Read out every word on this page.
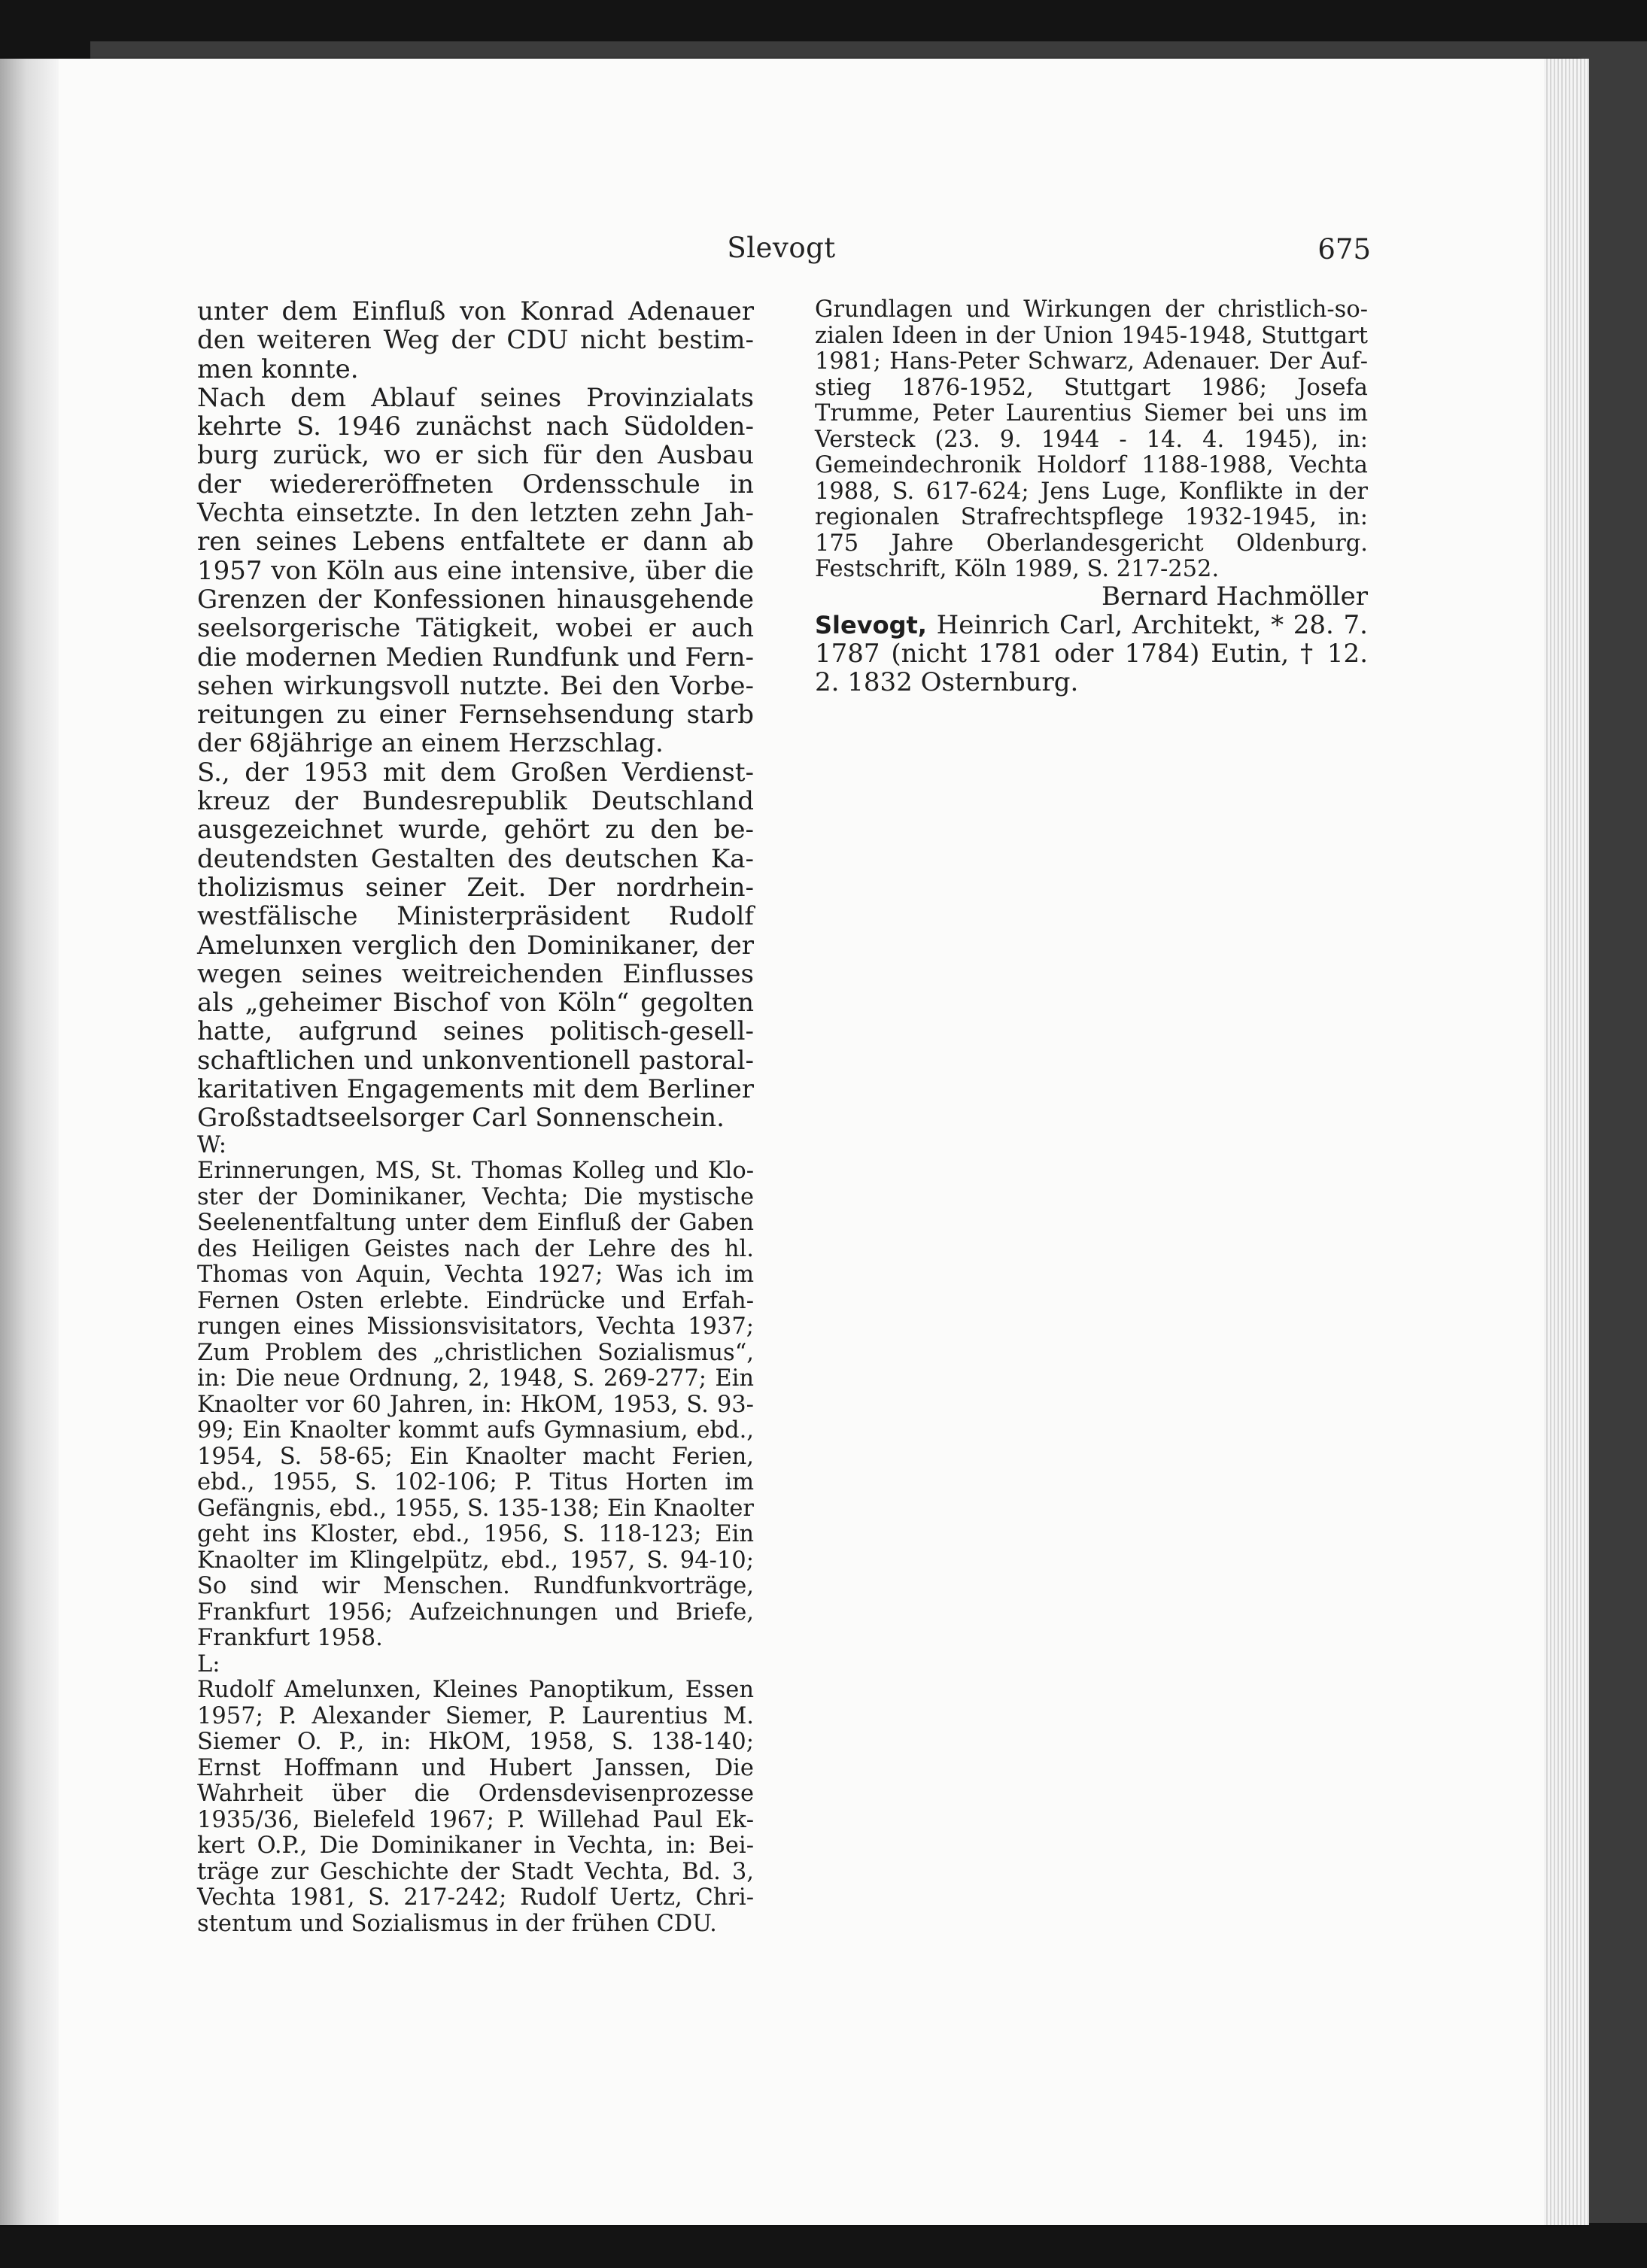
Slevogt	675

unter dem Einfluß von Konrad Adenauer den weiteren Weg der CDU nicht bestimmen konnte.

Nach dem Ablauf seines Provinzialats kehrte S. 1946 zunächst nach Südoldenburg zurück, wo er sich für den Ausbau der wiedereröffneten Ordensschule in Vechta einsetzte. In den letzten zehn Jahren seines Lebens entfaltete er dann ab 1957 von Köln aus eine intensive, über die Grenzen der Konfessionen hinausgehende seelsorgerische Tätigkeit, wobei er auch die modernen Medien Rundfunk und Fernsehen wirkungsvoll nutzte. Bei den Vorbereitungen zu einer Fernsehsendung starb der 68jährige an einem Herzschlag.

S., der 1953 mit dem Großen Verdienstkreuz der Bundesrepublik Deutschland ausgezeichnet wurde, gehört zu den bedeutendsten Gestalten des deutschen Katholizismus seiner Zeit. Der nordrheinwestfälische Ministerpräsident Rudolf Amelunxen verglich den Dominikaner, der wegen seines weitreichenden Einflusses als „geheimer Bischof von Köln“ gegolten hatte, aufgrund seines politisch-gesellschaftlichen und unkonventionell pastoralkaritativen Engagements mit dem Berliner Großstadtseelsorger Carl Sonnenschein.

W:

Erinnerungen, MS, St. Thomas Kolleg und Kloster der Dominikaner, Vechta; Die mystische Seelenentfaltung unter dem Einfluß der Gaben des Heiligen Geistes nach der Lehre des hl. Thomas von Aquin, Vechta 1927; Was ich im Fernen Osten erlebte. Eindrücke und Erfahrungen eines Missionsvisitators, Vechta 1937; Zum Problem des „christlichen Sozialismus“, in: Die neue Ordnung, 2, 1948, S. 269-277; Ein Knaolter vor 60 Jahren, in: HkOM, 1953, S. 93-99; Ein Knaolter kommt aufs Gymnasium, ebd., 1954, S. 58-65; Ein Knaolter macht Ferien, ebd., 1955, S. 102-106; P. Titus Horten im Gefängnis, ebd., 1955, S. 135-138; Ein Knaolter geht ins Kloster, ebd., 1956, S. 118-123; Ein Knaolter im Klingelpütz, ebd., 1957, S. 94-10; So sind wir Menschen. Rundfunkvorträge, Frankfurt 1956; Aufzeichnungen und Briefe, Frankfurt 1958.

L:

Rudolf Amelunxen, Kleines Panoptikum, Essen 1957; P. Alexander Siemer, P. Laurentius M. Siemer O. P., in: HkOM, 1958, S. 138-140; Ernst Hoffmann und Hubert Janssen, Die Wahrheit über die Ordensdevisenprozesse 1935/36, Bielefeld 1967; P. Willehad Paul Ekkert O.P., Die Dominikaner in Vechta, in: Beiträge zur Geschichte der Stadt Vechta, Bd. 3, Vechta 1981, S. 217-242; Rudolf Uertz, Christentum und Sozialismus in der frühen CDU.

Grundlagen und Wirkungen der christlich-sozialen Ideen in der Union 1945-1948, Stuttgart 1981; Hans-Peter Schwarz, Adenauer. Der Aufstieg 1876-1952, Stuttgart 1986; Josefa Trumme, Peter Laurentius Siemer bei uns im Versteck (23. 9. 1944 - 14. 4. 1945), in: Gemeindechronik Holdorf 1188-1988, Vechta 1988, S. 617-624; Jens Luge, Konflikte in der regionalen Strafrechtspflege 1932-1945, in: 175 Jahre Oberlandesgericht Oldenburg. Festschrift, Köln 1989, S. 217-252.

Bernard Hachmöller

Slevogt, Heinrich Carl, Architekt, * 28. 7. 1787 (nicht 1781 oder 1784) Eutin, † 12. 2. 1832 Osternburg.
